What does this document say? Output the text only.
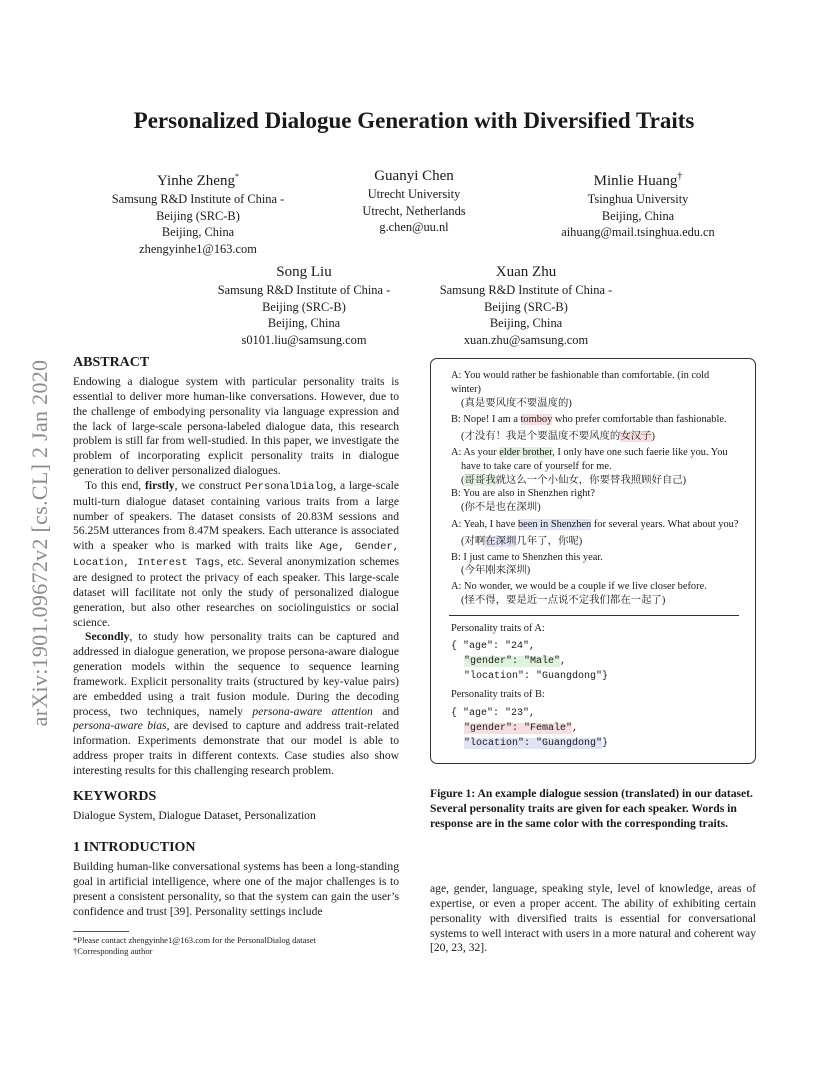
Personalized Dialogue Generation with Diversified Traits
arXiv:1901.09672v2 [cs.CL] 2 Jan 2020
Yinhe Zheng*
Samsung R&D Institute of China -
Beijing (SRC-B)
Beijing, China
zhengyinhe1@163.com
Guanyi Chen
Utrecht University
Utrecht, Netherlands
g.chen@uu.nl
Minlie Huang†
Tsinghua University
Beijing, China
aihuang@mail.tsinghua.edu.cn
Song Liu
Samsung R&D Institute of China -
Beijing (SRC-B)
Beijing, China
s0101.liu@samsung.com
Xuan Zhu
Samsung R&D Institute of China -
Beijing (SRC-B)
Beijing, China
xuan.zhu@samsung.com
ABSTRACT

Endowing a dialogue system with particular personality traits is essential to deliver more human-like conversations. However, due to the challenge of embodying personality via language expression and the lack of large-scale persona-labeled dialogue data, this research problem is still far from well-studied. In this paper, we investigate the problem of incorporating explicit personality traits in dialogue generation to deliver personalized dialogues.

To this end, firstly, we construct PersonalDialog, a large-scale multi-turn dialogue dataset containing various traits from a large number of speakers. The dataset consists of 20.83M sessions and 56.25M utterances from 8.47M speakers. Each utterance is associated with a speaker who is marked with traits like Age, Gender, Location, Interest Tags, etc. Several anonymization schemes are designed to protect the privacy of each speaker. This large-scale dataset will facilitate not only the study of personalized dialogue generation, but also other researches on sociolinguistics or social science.

Secondly, to study how personality traits can be captured and addressed in dialogue generation, we propose persona-aware dialogue generation models within the sequence to sequence learning framework. Explicit personality traits (structured by key-value pairs) are embedded using a trait fusion module. During the decoding process, two techniques, namely persona-aware attention and persona-aware bias, are devised to capture and address trait-related information. Experiments demonstrate that our model is able to address proper traits in different contexts. Case studies also show interesting results for this challenging research problem.

KEYWORDS
Dialogue System, Dialogue Dataset, Personalization
1 INTRODUCTION
Building human-like conversational systems has been a long-standing goal in artificial intelligence, where one of the major challenges is to present a consistent personality, so that the system can gain the user’s confidence and trust [39]. Personality settings include
*Please contact zhengyinhe1@163.com for the PersonalDialog dataset
†Corresponding author
A: You would rather be fashionable than comfortable. (in cold winter)
(真是要风度不要温度的)
B: Nope! I am a tomboy who prefer comfortable than fashionable.
(才没有！我是个要温度不要风度的女汉子)
A: As your elder brother, I only have one such faerie like you. You have to take care of yourself for me.
(哥哥我就这么一个小仙女，你要替我照顾好自己)
B: You are also in Shenzhen right?
(你不是也在深圳)
A: Yeah, I have been in Shenzhen for several years. What about you?
(对啊在深圳几年了，你呢)
B: I just came to Shenzhen this year.
(今年刚来深圳)
A: No wonder, we would be a couple if we live closer before.
(怪不得，要是近一点说不定我们都在一起了)
Personality traits of A:
{ "age": "24",
"gender": "Male",
"location": "Guangdong"}
Personality traits of B:
{ "age": "23",
"gender": "Female",
"location": "Guangdong"}
Figure 1: An example dialogue session (translated) in our dataset. Several personality traits are given for each speaker. Words in response are in the same color with the corresponding traits.
age, gender, language, speaking style, level of knowledge, areas of expertise, or even a proper accent. The ability of exhibiting certain personality with diversified traits is essential for conversational systems to well interact with users in a more natural and coherent way [20, 23, 32].
